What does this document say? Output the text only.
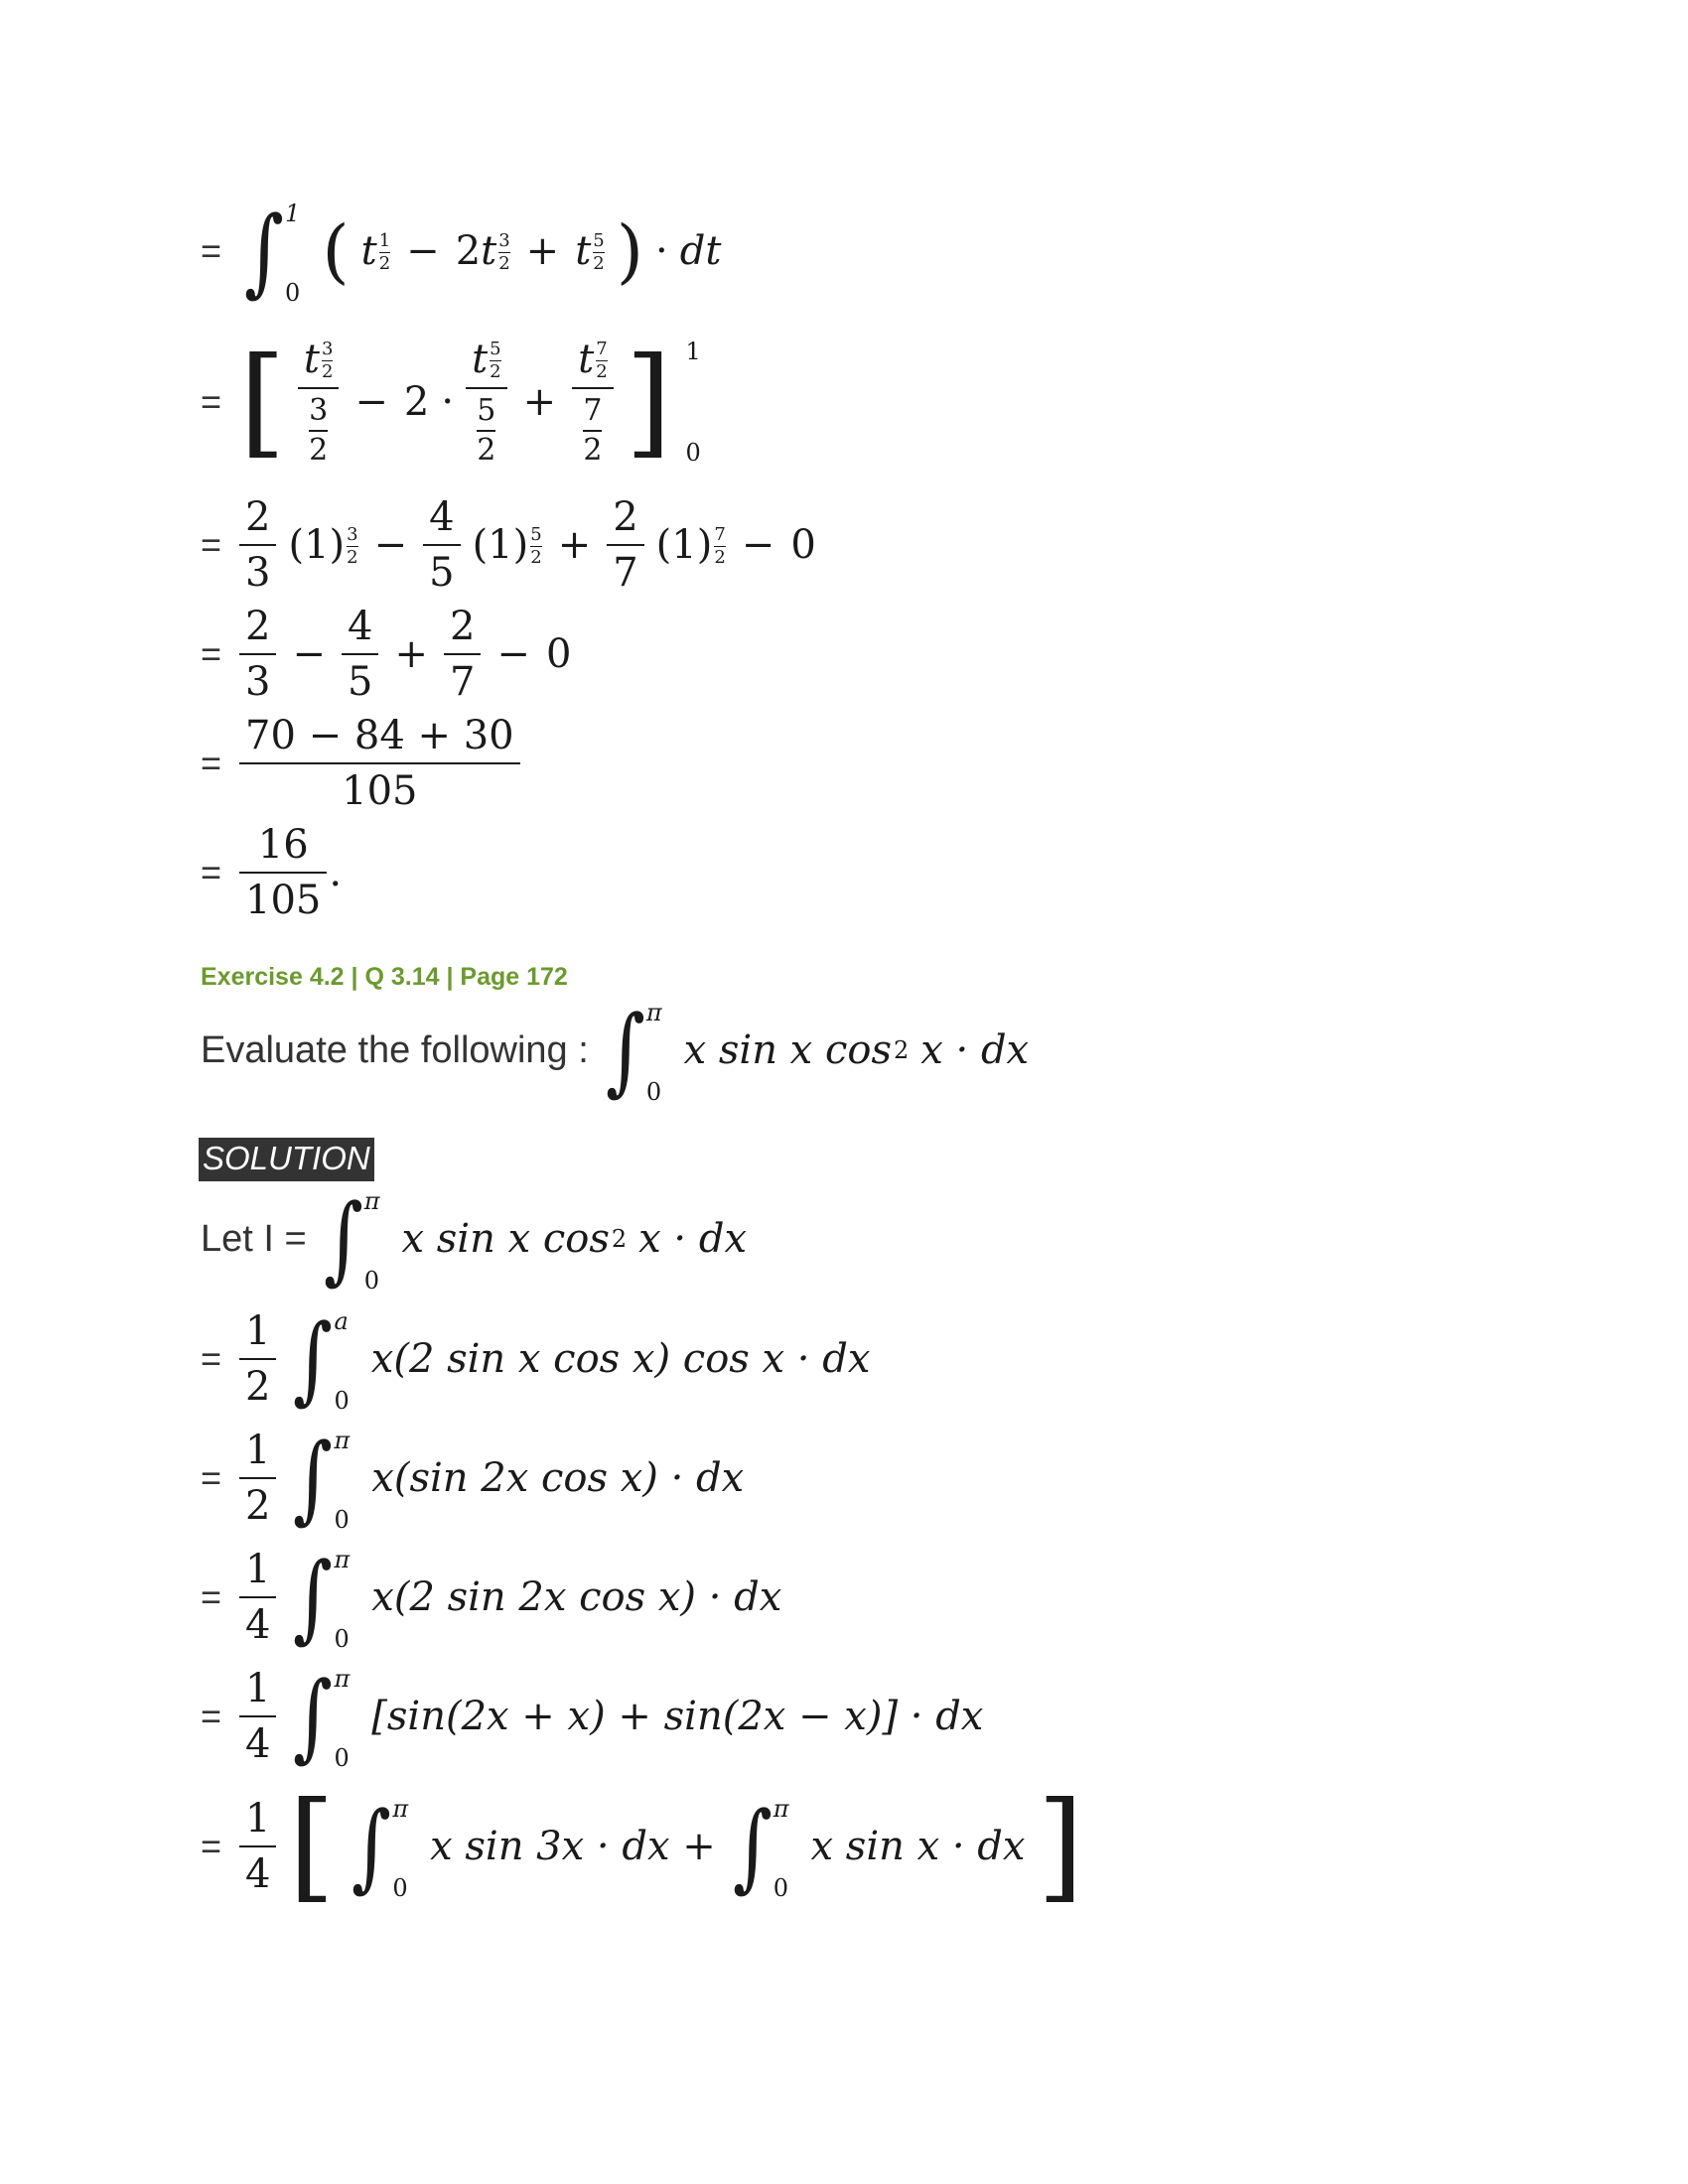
= ∫ 1
0
( t $\frac{1}{2} - 2t \frac{3}{2} + t \frac{5}{2}$ ) · dt
= [ $\frac{t \frac{3}{2}}{\frac{3}{2}} - 2 \cdot \frac{t \frac{5}{2}}{\frac{5}{2}} + \frac{t \frac{7}{2}}{\frac{7}{2}}$ ] 1
0
= $\frac{2}{3} (1) \frac{3}{2} - \frac{4}{5} (1) \frac{5}{2} + \frac{2}{7} (1) \frac{7}{2} - 0$
= $\frac{2}{3} - \frac{4}{5} + \frac{2}{7} - 0$
= $\frac{70 - 84 + 30}{105}$
= $\frac{16}{105}$ .
Exercise 4.2 | Q 3.14 | Page 172
Evaluate the following : ∫ π
0
x sin x cos 2 x · dx
SOLUTION
Let I = ∫ π
0
x sin x cos 2 x · dx
= $\frac{1}{2}$ ∫ a
0
x(2 sin x cos x) cos x · dx
= $\frac{1}{2}$ ∫ π
0
x(sin 2x cos x) · dx
= $\frac{1}{4}$ ∫ π
0
x(2 sin 2x cos x) · dx
= $\frac{1}{4}$ ∫ π
0
[sin(2x + x) + sin(2x − x)] · dx
= $\frac{1}{4}$ [ ∫ π
0
x sin 3x · dx + ∫ π
0
x sin x · dx ]
